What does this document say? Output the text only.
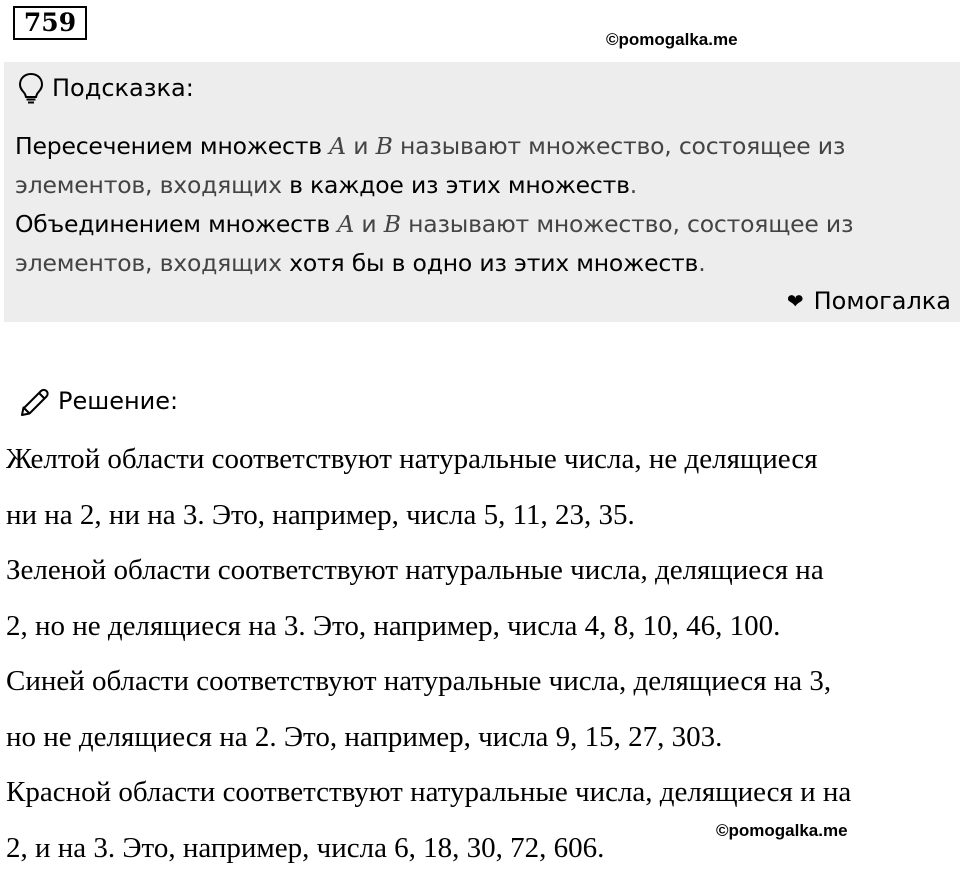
759
©pomogalka.me
Подсказка:
Пересечением множеств A и B называют множество, состоящее из
элементов, входящих в каждое из этих множеств.
Объединением множеств A и B называют множество, состоящее из
элементов, входящих хотя бы в одно из этих множеств.
❤ Помогалка
Решение:
Желтой области соответствуют натуральные числа, не делящиеся
ни на 2, ни на 3. Это, например, числа 5, 11, 23, 35.
Зеленой области соответствуют натуральные числа, делящиеся на
2, но не делящиеся на 3. Это, например, числа 4, 8, 10, 46, 100.
Синей области соответствуют натуральные числа, делящиеся на 3,
но не делящиеся на 2. Это, например, числа 9, 15, 27, 303.
Красной области соответствуют натуральные числа, делящиеся и на
2, и на 3. Это, например, числа 6, 18, 30, 72, 606.
©pomogalka.me
